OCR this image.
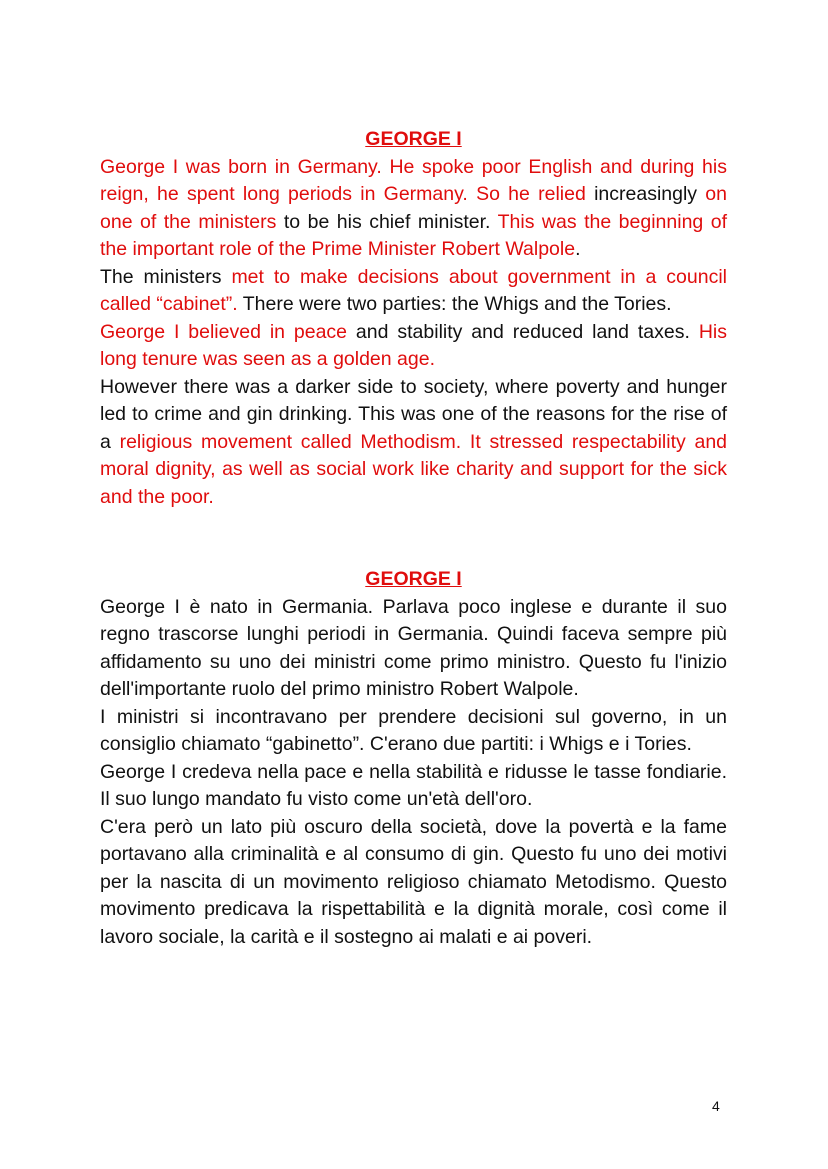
GEORGE I

George I was born in Germany. He spoke poor English and during his reign, he spent long periods in Germany. So he relied increasingly on one of the ministers to be his chief minister. This was the beginning of the important role of the Prime Minister Robert Walpole.

The ministers met to make decisions about government in a council called “cabinet”. There were two parties: the Whigs and the Tories.

George I believed in peace and stability and reduced land taxes. His long tenure was seen as a golden age.

However there was a darker side to society, where poverty and hunger led to crime and gin drinking. This was one of the reasons for the rise of a religious movement called Methodism. It stressed respectability and moral dignity, as well as social work like charity and support for the sick and the poor.

GEORGE I

George I è nato in Germania. Parlava poco inglese e durante il suo regno trascorse lunghi periodi in Germania. Quindi faceva sempre più affidamento su uno dei ministri come primo ministro. Questo fu l'inizio dell'importante ruolo del primo ministro Robert Walpole.

I ministri si incontravano per prendere decisioni sul governo, in un consiglio chiamato “gabinetto”. C'erano due partiti: i Whigs e i Tories.

George I credeva nella pace e nella stabilità e ridusse le tasse fondiarie. Il suo lungo mandato fu visto come un'età dell'oro.

C'era però un lato più oscuro della società, dove la povertà e la fame portavano alla criminalità e al consumo di gin. Questo fu uno dei motivi per la nascita di un movimento religioso chiamato Metodismo. Questo movimento predicava la rispettabilità e la dignità morale, così come il lavoro sociale, la carità e il sostegno ai malati e ai poveri.

4
